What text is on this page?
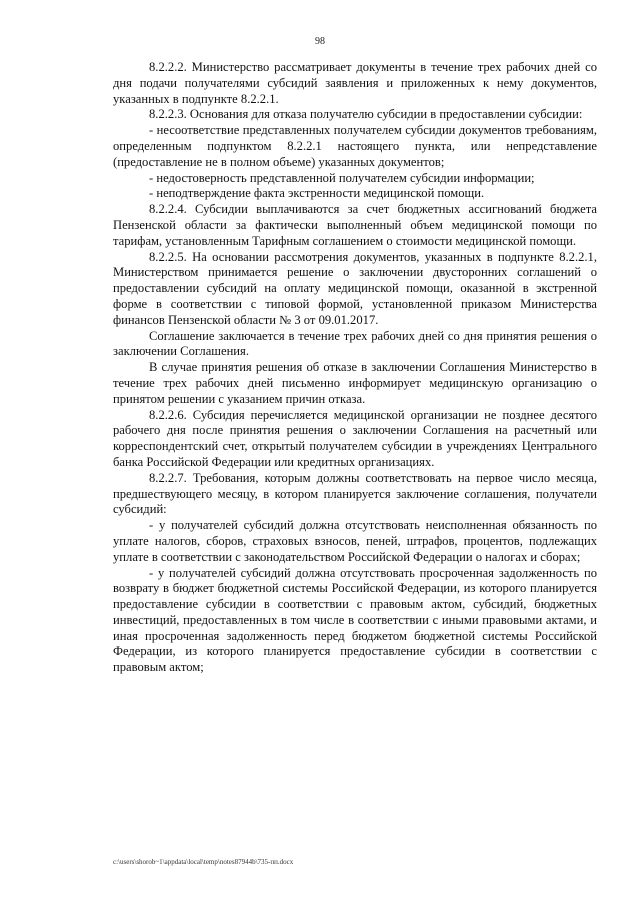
98

8.2.2.2. Министерство рассматривает документы в течение трех рабочих дней со дня подачи получателями субсидий заявления и приложенных к нему документов, указанных в подпункте 8.2.2.1.

8.2.2.3. Основания для отказа получателю субсидии в предоставлении субсидии:

- несоответствие представленных получателем субсидии документов требованиям, определенным подпунктом 8.2.2.1 настоящего пункта, или непредставление (предоставление не в полном объеме) указанных документов;

- недостоверность представленной получателем субсидии информации;

- неподтверждение факта экстренности медицинской помощи.

8.2.2.4. Субсидии выплачиваются за счет бюджетных ассигнований бюджета Пензенской области за фактически выполненный объем медицинской помощи по тарифам, установленным Тарифным соглашением о стоимости медицинской помощи.

8.2.2.5. На основании рассмотрения документов, указанных в подпункте 8.2.2.1, Министерством принимается решение о заключении двусторонних соглашений о предоставлении субсидий на оплату медицинской помощи, оказанной в экстренной форме в соответствии с типовой формой, установленной приказом Министерства финансов Пензенской области № 3 от 09.01.2017.

Соглашение заключается в течение трех рабочих дней со дня принятия решения о заключении Соглашения.

В случае принятия решения об отказе в заключении Соглашения Министерство в течение трех рабочих дней письменно информирует медицинскую организацию о принятом решении с указанием причин отказа.

8.2.2.6. Субсидия перечисляется медицинской организации не позднее десятого рабочего дня после принятия решения о заключении Соглашения на расчетный или корреспондентский счет, открытый получателем субсидии в учреждениях Центрального банка Российской Федерации или кредитных организациях.

8.2.2.7. Требования, которым должны соответствовать на первое число месяца, предшествующего месяцу, в котором планируется заключение соглашения, получатели субсидий:

- у получателей субсидий должна отсутствовать неисполненная обязанность по уплате налогов, сборов, страховых взносов, пеней, штрафов, процентов, подлежащих уплате в соответствии с законодательством Российской Федерации о налогах и сборах;

- у получателей субсидий должна отсутствовать просроченная задолженность по возврату в бюджет бюджетной системы Российской Федерации, из которого планируется предоставление субсидии в соответствии с правовым актом, субсидий, бюджетных инвестиций, предоставленных в том числе в соответствии с иными правовыми актами, и иная просроченная задолженность перед бюджетом бюджетной системы Российской Федерации, из которого планируется предоставление субсидии в соответствии с правовым актом;

c:\users\shorob~1\appdata\local\temp\notes87944b\735-пп.docx
